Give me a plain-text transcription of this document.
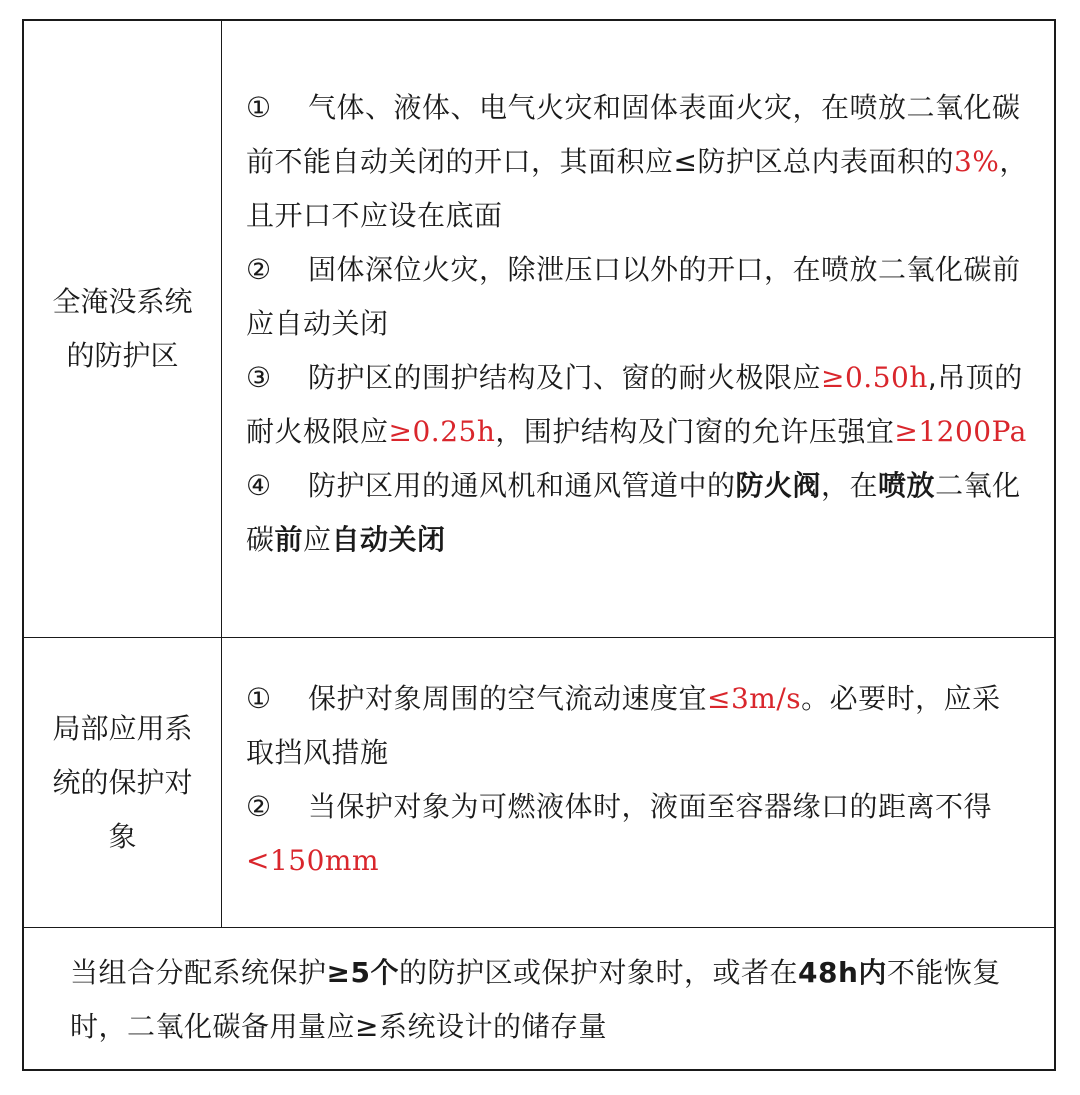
全淹没系统的防护区
① 气体、液体、电气火灾和固体表面火灾，在喷放二氧化碳前不能自动关闭的开口，其面积应≤防护区总内表面积的3%，且开口不应设在底面
② 固体深位火灾，除泄压口以外的开口，在喷放二氧化碳前应自动关闭
③ 防护区的围护结构及门、窗的耐火极限应≥0.50h,吊顶的耐火极限应≥0.25h，围护结构及门窗的允许压强宜≥1200Pa
④ 防护区用的通风机和通风管道中的防火阀，在喷放二氧化碳前应自动关闭
局部应用系统的保护对象
① 保护对象周围的空气流动速度宜≤3m/s。必要时，应采取挡风措施
② 当保护对象为可燃液体时，液面至容器缘口的距离不得<150mm
当组合分配系统保护≥5个的防护区或保护对象时，或者在48h内不能恢复时，二氧化碳备用量应≥系统设计的储存量
